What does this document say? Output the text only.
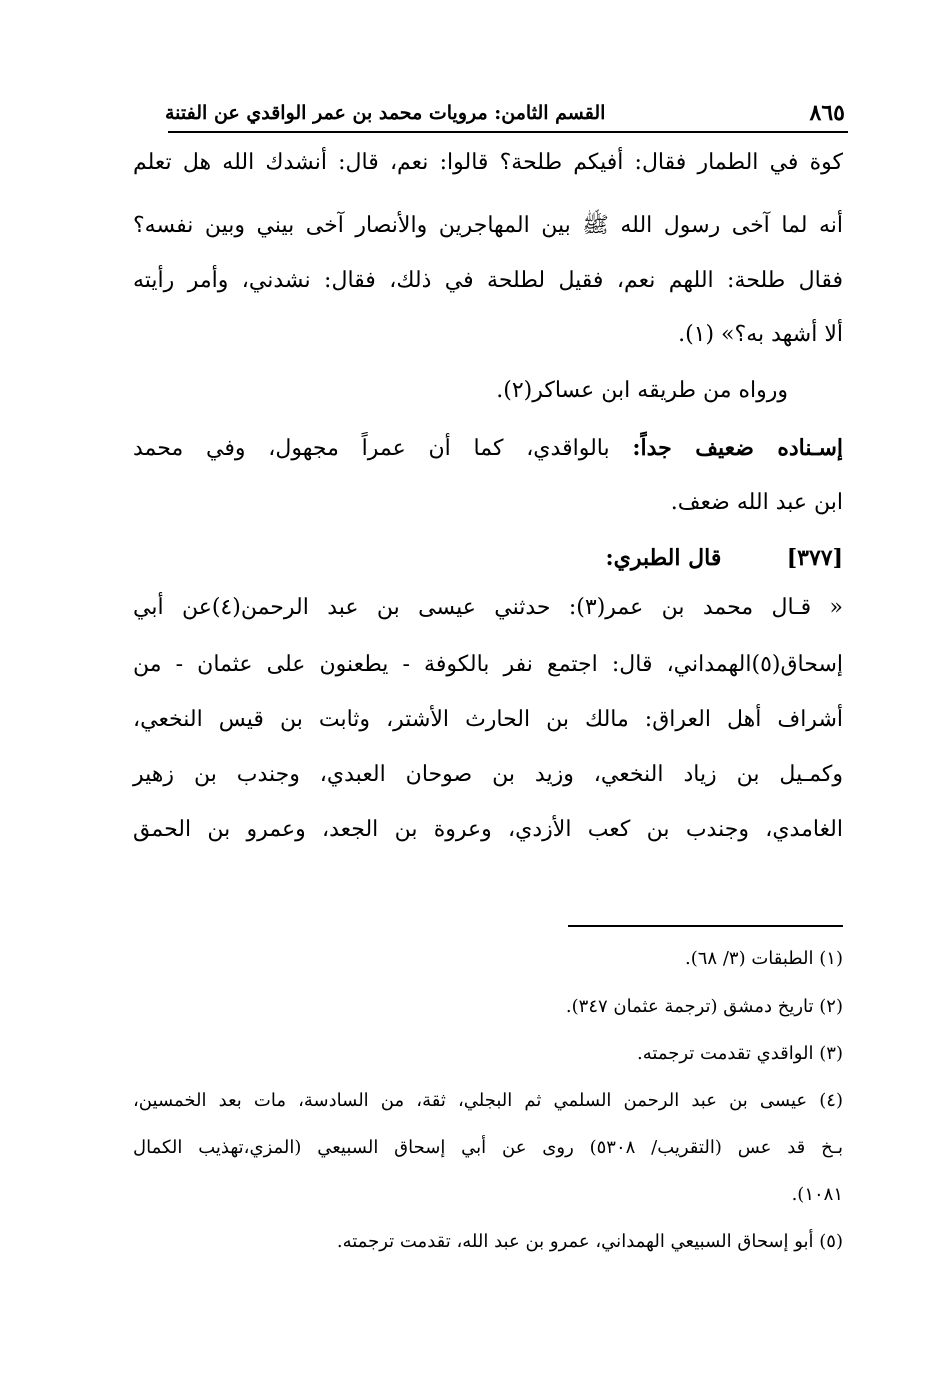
٨٦٥
القسم الثامن: مرويات محمد بن عمر الواقدي عن الفتنة
كوة في الطمار فقال: أفيكم طلحة؟ قالوا: نعم، قال: أنشدك الله هل تعلم
أنه لما آخى رسول الله ﷺ بين المهاجرين والأنصار آخى بيني وبين نفسه؟
فقال طلحة: اللهم نعم، فقيل لطلحة في ذلك، فقال: نشدني، وأمر رأيته
ألا أشهد به؟» (١).
ورواه من طريقه ابن عساكر(٢).
إسـناده ضعيف جداً: بالواقدي، كما أن عمراً مجهول، وفي محمد
ابن عبد الله ضعف.
[٣٧٧]  قال الطبري:
« قـال محمد بن عمر(٣): حدثني عيسى بن عبد الرحمن(٤)عن أبي
إسحاق(٥)الهمداني، قال: اجتمع نفر بالكوفة - يطعنون على عثمان - من
أشراف أهل العراق: مالك بن الحارث الأشتر، وثابت بن قيس النخعي،
وكمـيل بن زياد النخعي، وزيد بن صوحان العبدي، وجندب بن زهير
الغامدي، وجندب بن كعب الأزدي، وعروة بن الجعد، وعمرو بن الحمق
(١) الطبقات (٣/ ٦٨).
(٢) تاريخ دمشق (ترجمة عثمان ٣٤٧).
(٣) الواقدي تقدمت ترجمته.
(٤) عيسى بن عبد الرحمن السلمي ثم البجلي، ثقة، من السادسة، مات بعد الخمسين،
بـخ قد عس (التقريب/ ٥٣٠٨) روى عن أبي إسحاق السبيعي (المزي،تهذيب الكمال
١٠٨١).
(٥) أبو إسحاق السبيعي الهمداني، عمرو بن عبد الله، تقدمت ترجمته.
